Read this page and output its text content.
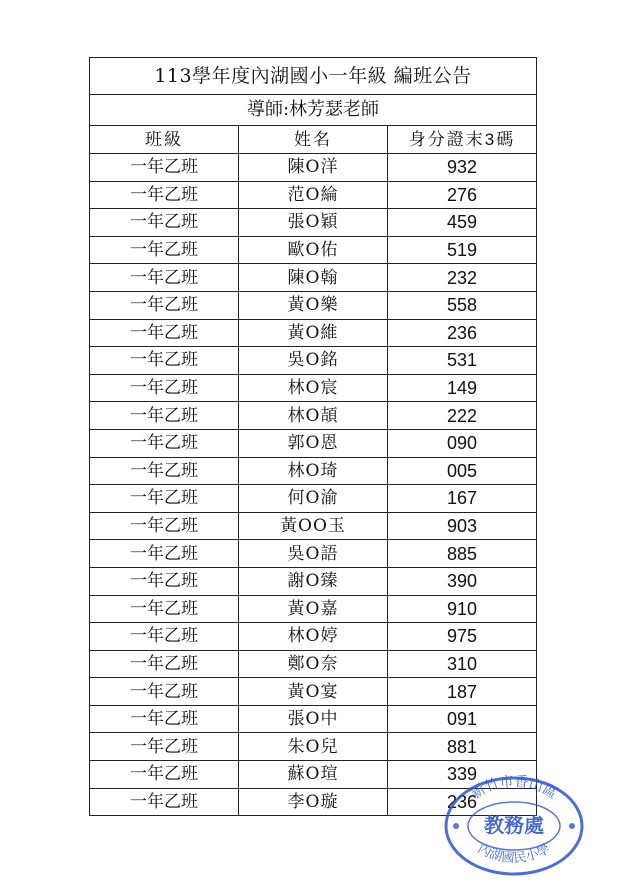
113學年度內湖國小一年級 編班公告		
導師:林芳瑟老師		
班級	姓名	身分證末3碼
一年乙班	陳O洋	932
一年乙班	范O綸	276
一年乙班	張O穎	459
一年乙班	歐O佑	519
一年乙班	陳O翰	232
一年乙班	黃O樂	558
一年乙班	黃O維	236
一年乙班	吳O銘	531
一年乙班	林O宸	149
一年乙班	林O頡	222
一年乙班	郭O恩	090
一年乙班	林O琦	005
一年乙班	何O渝	167
一年乙班	黃OO玉	903
一年乙班	吳O語	885
一年乙班	謝O臻	390
一年乙班	黃O嘉	910
一年乙班	林O婷	975
一年乙班	鄭O奈	310
一年乙班	黃O宴	187
一年乙班	張O中	091
一年乙班	朱O兒	881
一年乙班	蘇O瑄	339
一年乙班	李O璇	236
新竹市香山區
教務處
內湖國民小學
